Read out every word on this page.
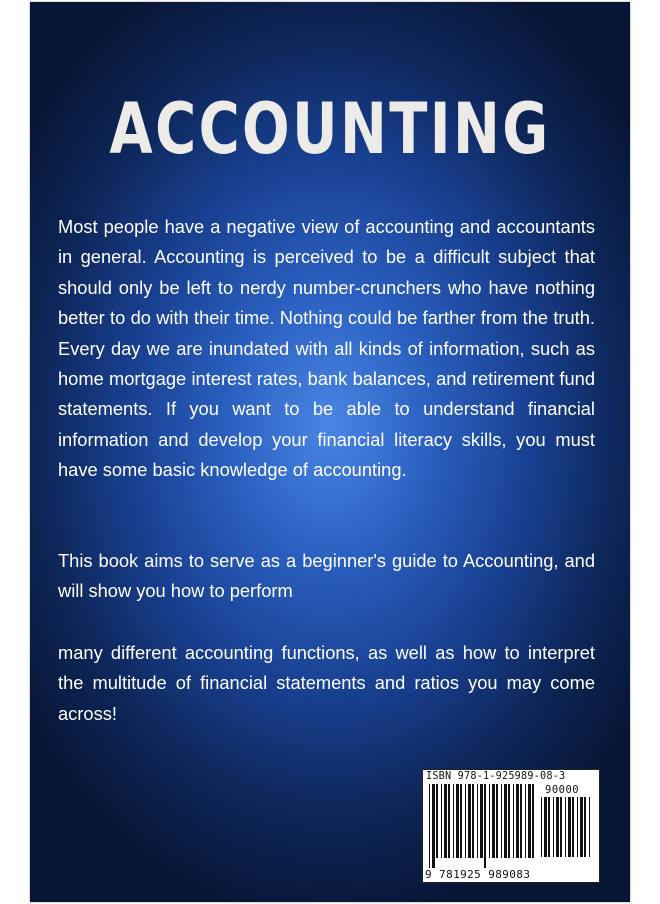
ACCOUNTING

Most people have a negative view of accounting and accountants in general. Accounting is perceived to be a difficult subject that should only be left to nerdy number-crunchers who have nothing better to do with their time. Nothing could be farther from the truth. Every day we are inundated with all kinds of information, such as home mortgage interest rates, bank balances, and retirement fund statements. If you want to be able to understand financial information and develop your financial literacy skills, you must have some basic knowledge of accounting.

This book aims to serve as a beginner's guide to Accounting, and will show you how to perform

many different accounting functions, as well as how to interpret the multitude of financial statements and ratios you may come across!

ISBN 978-1-925989-08-3
90000
9 781925 989083
